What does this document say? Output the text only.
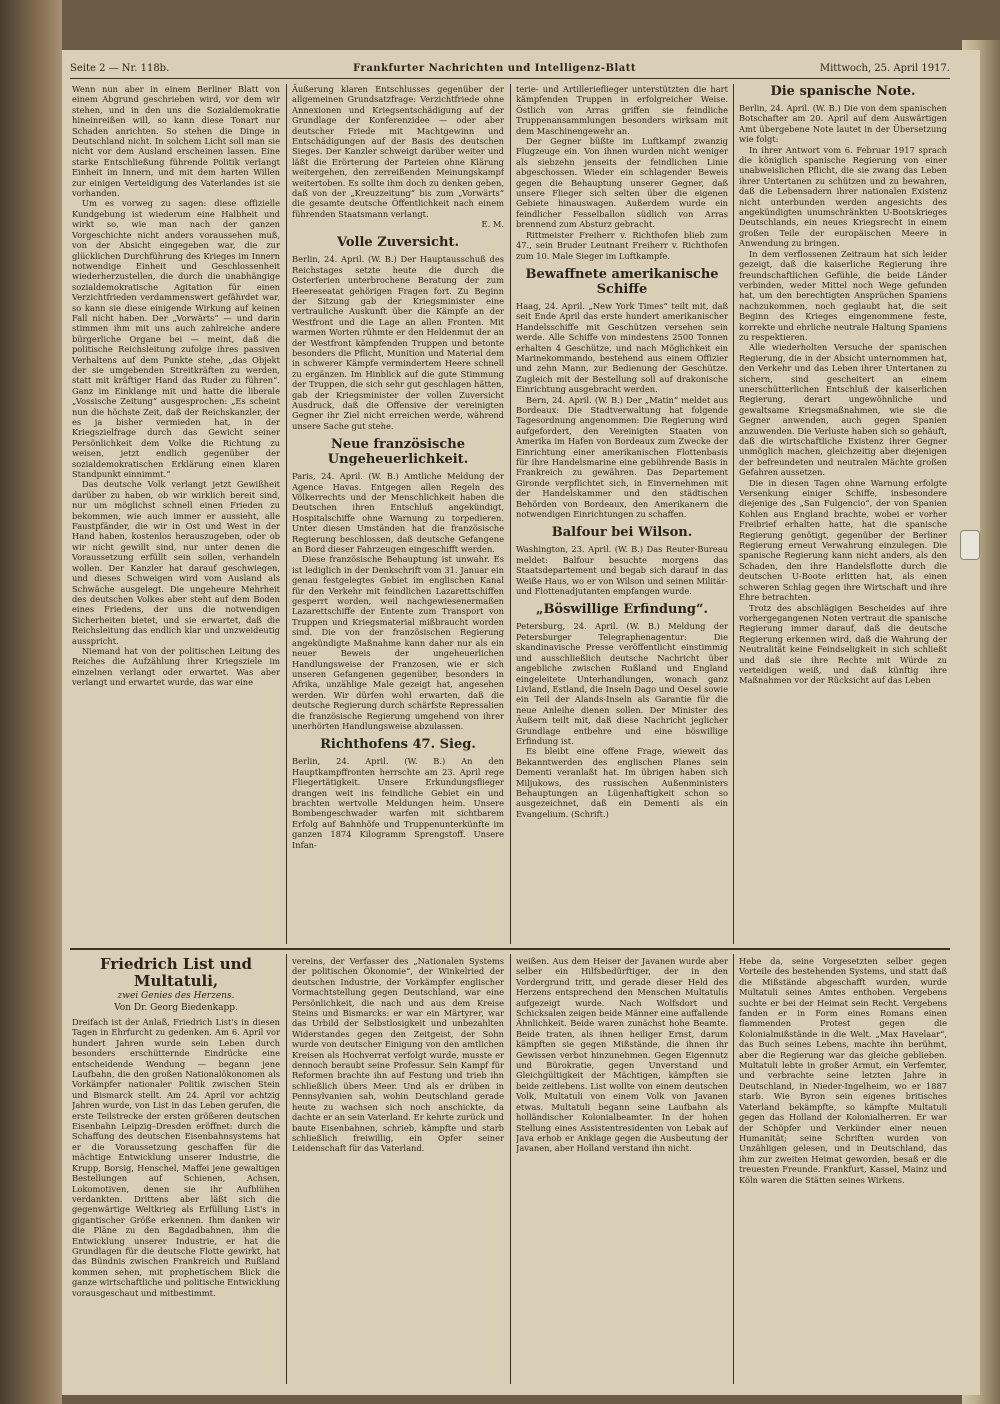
Seite 2 — Nr. 118b.	Frankfurter Nachrichten und Intelligenz-Blatt	Mittwoch, 25. April 1917.

Wenn nun aber in einem Berliner Blatt von einem Abgrund geschrieben wird, vor dem wir stehen, und in den uns die Sozialdemokratie hineinreißen will, so kann diese Tonart nur Schaden anrichten. So stehen die Dinge in Deutschland nicht. In solchem Licht soll man sie nicht vor dem Ausland erscheinen lassen. Eine starke Entschließung führende Politik verlangt Einheit im Innern, und mit dem harten Willen zur einigen Verteidigung des Vaterlandes ist sie vorhanden.

Um es vorweg zu sagen: diese offizielle Kundgebung ist wiederum eine Halbheit und wirkt so, wie man nach der ganzen Vorgeschichte nicht anders voraussehen muß, von der Absicht eingegeben war, die zur glücklichen Durchführung des Krieges im Innern notwendige Einheit und Geschlossenheit wiederherzustellen, die durch die unabhängige sozialdemokratische Agitation für einen Verzichtfrieden verdammenswert gefährdet war, so kann sie diese einigende Wirkung auf keinen Fall nicht haben. Der „Vorwärts“ — und darin stimmen ihm mit uns auch zahlreiche andere bürgerliche Organe bei — meint, daß die politische Reichsleitung zufolge ihres passiven Verhaltens auf dem Punkte stehe, „das Objekt der sie umgebenden Streitkräften zu werden, statt mit kräftiger Hand das Ruder zu führen“. Ganz im Einklange mit und hatte die liberale „Vossische Zeitung“ ausgesprochen: „Es scheint nun die höchste Zeit, daß der Reichskanzler, der es ja bisher vermieden hat, in der Kriegszielfrage durch das Gewicht seiner Persönlichkeit dem Volke die Richtung zu weisen, jetzt endlich gegenüber der sozialdemokratischen Erklärung einen klaren Standpunkt einnimmt.“

Das deutsche Volk verlangt jetzt Gewißheit darüber zu haben, ob wir wirklich bereit sind, nur um möglichst schnell einen Frieden zu bekommen, wie auch immer er aussieht, alle Faustpfänder, die wir in Ost und West in der Hand haben, kostenlos herauszugeben, oder ob wir nicht gewillt sind, nur unter denen die Voraussetzung erfüllt sein sollen, verhandeln wollen. Der Kanzler hat darauf geschwiegen, und dieses Schweigen wird vom Ausland als Schwäche ausgelegt. Die ungeheure Mehrheit des deutschen Volkes aber steht auf dem Boden eines Friedens, der uns die notwendigen Sicherheiten bietet, und sie erwartet, daß die Reichsleitung das endlich klar und unzweideutig ausspricht.

Niemand hat von der politischen Leitung des Reiches die Aufzählung ihrer Kriegsziele im einzelnen verlangt oder erwartet. Was aber verlangt und erwartet wurde, das war eine

Äußerung klaren Entschlusses gegenüber der allgemeinen Grundsatzfrage: Verzichtfriede ohne Annexionen und Kriegsentschädigung auf der Grundlage der Konferenzidee — oder aber deutscher Friede mit Machtgewinn und Entschädigungen auf der Basis des deutschen Sieges. Der Kanzler schweigt darüber weiter und läßt die Erörterung der Parteien ohne Klärung weitergehen, den zerreißenden Meinungskampf weitertoben. Es sollte ihm doch zu denken geben, daß von der „Kreuzzeitung“ bis zum „Vorwärts“ die gesamte deutsche Öffentlichkeit nach einem führenden Staatsmann verlangt.

E. M.

Volle Zuversicht.

Berlin, 24. April. (W. B.) Der Hauptausschuß des Reichstages setzte heute die durch die Osterferien unterbrochene Beratung der zum Heereseatat gehörigen Fragen fort. Zu Beginn der Sitzung gab der Kriegsminister eine vertrauliche Auskunft über die Kämpfe an der Westfront und die Lage an allen Fronten. Mit warmen Worten rühmte er den Heldenmut der an der Westfront kämpfenden Truppen und betonte besonders die Pflicht, Munition und Material dem in schwerer Kämpfe vermindertem Heere schnell zu ergänzen. Im Hinblick auf die gute Stimmung der Truppen, die sich sehr gut geschlagen hätten, gab der Kriegsminister der vollen Zuversicht Ausdruck, daß die Offensive der vereinigten Gegner ihr Ziel nicht erreichen werde, während unsere Sache gut stehe.

Neue französische Ungeheuerlichkeit.

Paris, 24. April. (W. B.) Amtliche Meldung der Agence Havas. Entgegen allen Regeln des Völkerrechts und der Menschlichkeit haben die Deutschen ihren Entschluß angekündigt, Hospitalschiffe ohne Warnung zu torpedieren. Unter diesen Umständen hat die französische Regierung beschlossen, daß deutsche Gefangene an Bord dieser Fahrzeugen eingeschifft werden.

Diese französische Behauptung ist unwahr. Es ist lediglich in der Denkschrift vom 31. Januar ein genau festgelegtes Gebiet im englischen Kanal für den Verkehr mit feindlichen Lazarettschiffen gesperrt worden, weil nachgewiesenermaßen Lazarettschiffe der Entente zum Transport von Truppen und Kriegsmaterial mißbraucht worden sind. Die von der französischen Regierung angekündigte Maßnahme kann daher nur als ein neuer Beweis der ungeheuerlichen Handlungsweise der Franzosen, wie er sich unseren Gefangenen gegenüber, besonders in Afrika, unzählige Male gezeigt hat, angesehen werden. Wir dürfen wohl erwarten, daß die deutsche Regierung durch schärfste Repressalien die französische Regierung umgehend von ihrer unerhörten Handlungsweise abzulassen.

Richthofens 47. Sieg.

Berlin, 24. April. (W. B.) An den Hauptkampffronten herrschte am 23. April rege Fliegertätigkeit. Unsere Erkundungsflieger drangen weit ins feindliche Gebiet ein und brachten wertvolle Meldungen heim. Unsere Bombengeschwader warfen mit sichtbarem Erfolg auf Bahnhöfe und Truppenunterkünfte im ganzen 1874 Kilogramm Sprengstoff. Unsere Infan-

terie- und Artillerieflieger unterstützten die hart kämpfenden Truppen in erfolgreicher Weise. Östlich von Arras griffen sie feindliche Truppenansammlungen besonders wirksam mit dem Maschinengewehr an.

Der Gegner büßte im Luftkampf zwanzig Flugzeuge ein. Von ihnen wurden nicht weniger als siebzehn jenseits der feindlichen Linie abgeschossen. Wieder ein schlagender Beweis gegen die Behauptung unserer Gegner, daß unsere Flieger sich selten über die eigenen Gebiete hinauswagen. Außerdem wurde ein feindlicher Fesselballon südlich von Arras brennend zum Absturz gebracht.

Rittmeister Freiherr v. Richthofen blieb zum 47., sein Bruder Leutnant Freiherr v. Richthofen zum 10. Male Sieger im Luftkampfe.

Bewaffnete amerikanische Schiffe

Haag, 24. April. „New York Times“ teilt mit, daß seit Ende April das erste hundert amerikanischer Handelsschiffe mit Geschützen versehen sein werde. Alle Schiffe von mindestens 2500 Tonnen erhalten 4 Geschütze, und nach Möglichkeit ein Marinekommando, bestehend aus einem Offizier und zehn Mann, zur Bedienung der Geschütze. Zugleich mit der Bestellung soll auf drakonische Einrichtung ausgebracht werden.

Bern, 24. April. (W. B.) Der „Matin“ meldet aus Bordeaux: Die Stadtverwaltung hat folgende Tagesordnung angenommen: Die Regierung wird aufgefordert, den Vereinigten Staaten von Amerika im Hafen von Bordeaux zum Zwecke der Einrichtung einer amerikanischen Flottenbasis für ihre Handelsmarine eine gebührende Basis in Frankreich zu gewähren. Das Departement Gironde verpflichtet sich, in Einvernehmen mit der Handelskammer und den städtischen Behörden von Bordeaux, den Amerikanern die notwendigen Einrichtungen zu schaffen.

Balfour bei Wilson.

Washington, 23. April. (W. B.) Das Reuter-Bureau meldet: Balfour besuchte morgens das Staatsdepartement und begab sich darauf in das Weiße Haus, wo er von Wilson und seinen Militär- und Flottenadjutanten empfangen wurde.

„Böswillige Erfindung“.

Petersburg, 24. April. (W. B.) Meldung der Petersburger Telegraphenagentur: Die skandinavische Presse veröffentlicht einstimmig und ausschließlich deutsche Nachricht über angebliche zwischen Rußland und England eingeleitete Unterhandlungen, wonach ganz Livland, Estland, die Inseln Dago und Oesel sowie ein Teil der Alands-Inseln als Garantie für die neue Anleihe dienen sollen. Der Minister des Äußern teilt mit, daß diese Nachricht jeglicher Grundlage entbehre und eine böswillige Erfindung ist.

Es bleibt eine offene Frage, wieweit das Bekanntwerden des englischen Planes sein Dementi veranlaßt hat. Im übrigen haben sich Miljukows, des russischen Außenministers Behauptungen an Lügenhaftigkeit schon so ausgezeichnet, daß ein Dementi als ein Evangelium. (Schrift.)

Die spanische Note.

Berlin, 24. April. (W. B.) Die von dem spanischen Botschafter am 20. April auf dem Auswärtigen Amt übergebene Note lautet in der Übersetzung wie folgt:

In ihrer Antwort vom 6. Februar 1917 sprach die königlich spanische Regierung von einer unabweislichen Pflicht, die sie zwang das Leben ihrer Untertanen zu schützen und zu bewahren, daß die Lebensadern ihrer nationalen Existenz nicht unterbunden werden angesichts des angekündigten unumschränkten U-Bootskrieges Deutschlands, ein neues Kriegsrecht in einem großen Teile der europäischen Meere in Anwendung zu bringen.

In dem verflossenen Zeitraum hat sich leider gezeigt, daß die kaiserliche Regierung ihre freundschaftlichen Gefühle, die beide Länder verbinden, weder Mittel noch Wege gefunden hat, um den berechtigten Ansprüchen Spaniens nachzukommen, noch geglaubt hat, die seit Beginn des Krieges eingenommene feste, korrekte und ehrliche neutrale Haltung Spaniens zu respektieren.

Alle wiederholten Versuche der spanischen Regierung, die in der Absicht unternommen hat, den Verkehr und das Leben ihrer Untertanen zu sichern, sind gescheitert an einem unerschütterlichen Entschluß der kaiserlichen Regierung, derart ungewöhnliche und gewaltsame Kriegsmaßnahmen, wie sie die Gegner anwenden, auch gegen Spanien anzuwenden. Die Verluste haben sich so gehäuft, daß die wirtschaftliche Existenz ihrer Gegner unmöglich machen, gleichzeitig aber diejenigen der befreundeten und neutralen Mächte großen Gefahren aussetzen.

Die in diesen Tagen ohne Warnung erfolgte Versenkung einiger Schiffe, insbesondere diejenige des „San Fulgencio“, der von Spanien Kohlen aus England brachte, wobei er vorher Freibrief erhalten hatte, hat die spanische Regierung genötigt, gegenüber der Berliner Regierung erneut Verwahrung einzulegen. Die spanische Regierung kann nicht anders, als den Schaden, den ihre Handelsflotte durch die deutschen U-Boote erlitten hat, als einen schweren Schlag gegen ihre Wirtschaft und ihre Ehre betrachten.

Trotz des abschlägigen Bescheides auf ihre vorhergegangenen Noten vertraut die spanische Regierung immer darauf, daß die deutsche Regierung erkennen wird, daß die Wahrung der Neutralität keine Feindseligkeit in sich schließt und daß sie ihre Rechte mit Würde zu verteidigen weiß, und daß künftig ihre Maßnahmen vor der Rücksicht auf das Leben

Friedrich List und Multatuli,
zwei Genies des Herzens.
Von Dr. Georg Biedenkapp.

Dreifach ist der Anlaß, Friedrich List's in diesen Tagen in Ehrfurcht zu gedenken. Am 6. April vor hundert Jahren wurde sein Leben durch besonders erschütternde Eindrücke eine entscheidende Wendung — begann jene Laufbahn, die den großen Nationalökonomen als Vorkämpfer nationaler Politik zwischen Stein und Bismarck stellt. Am 24. April vor achtzig Jahren wurde, von List in das Leben gerufen, die erste Teilstrecke der ersten größeren deutschen Eisenbahn Leipzig–Dresden eröffnet: durch die Schaffung des deutschen Eisenbahnsystems hat er die Voraussetzung geschaffen für die mächtige Entwicklung unserer Industrie, die Krupp, Borsig, Henschel, Maffei jene gewaltigen Bestellungen auf Schienen, Achsen, Lokomotiven, denen sie ihr Aufblühen verdankten. Drittens aber läßt sich die gegenwärtige Weltkrieg als Erfüllung List's in gigantischer Größe erkennen. Ihm danken wir die Pläne zu den Bagdadbahnen, ihm die Entwicklung unserer Industrie, er hat die Grundlagen für die deutsche Flotte gewirkt, hat das Bündnis zwischen Frankreich und Rußland kommen sehen, mit prophetischem Blick die ganze wirtschaftliche und politische Entwicklung vorausgeschaut und mitbestimmt.

vereins, der Verfasser des „Nationalen Systems der politischen Ökonomie“, der Winkelried der deutschen Industrie, der Vorkämpfer englischer Vormachtstellung gegen Deutschland, war eine Persönlichkeit, die nach und aus dem Kreise Steins und Bismarcks: er war ein Märtyrer, war das Urbild der Selbstlosigkeit und unbezahlten Widerstandes gegen den Zeitgeist, der Sohn wurde von deutscher Einigung von den amtlichen Kreisen als Hochverrat verfolgt wurde, musste er dennoch beraubt seine Professur. Sein Kampf für Reformen brachte ihn auf Festung und trieb ihn schließlich übers Meer. Und als er drüben in Pennsylvanien sah, wohin Deutschland gerade heute zu wachsen sich noch anschickte, da dachte er an sein Vaterland. Er kehrte zurück und baute Eisenbahnen, schrieb, kämpfte und starb schließlich freiwillig, ein Opfer seiner Leidenschaft für das Vaterland.

weißen. Aus dem Heiser der Javanen wurde aber selber ein Hilfsbedürftiger, der in den Vordergrund tritt, und gerade dieser Held des Herzens entsprechend den Menschen Multatulis aufgezeigt wurde. Nach Wolfsdort und Schicksalen zeigen beide Männer eine auffallende Ähnlichkeit. Beide waren zunächst hohe Beamte. Beide traten, als ihnen heiliger Ernst, darum kämpften sie gegen Mißstände, die ihnen ihr Gewissen verbot hinzunehmen. Gegen Eigennutz und Bürokratie, gegen Unverstand und Gleichgültigkeit der Mächtigen, kämpften sie beide zeitlebens. List wollte von einem deutschen Volk, Multatuli von einem Volk von Javanen etwas. Multatuli begann seine Laufbahn als holländischer Kolonialbeamter. In der hohen Stellung eines Assistentresidenten von Lebak auf Java erhob er Anklage gegen die Ausbeutung der Javanen, aber Holland verstand ihn nicht.

Hebe da, seine Vorgesetzten selber gegen Vorteile des bestehenden Systems, und statt daß die Mißstände abgeschafft wurden, wurde Multatuli seines Amtes enthoben. Vergebens suchte er bei der Heimat sein Recht. Vergebens fanden er in Form eines Romans einen flammenden Protest gegen die Kolonialmißstände in die Welt. „Max Havelaar“, das Buch seines Lebens, machte ihn berühmt, aber die Regierung war das gleiche geblieben. Multatuli lebte in großer Armut, ein Verfemter, und verbrachte seine letzten Jahre in Deutschland, in Nieder-Ingelheim, wo er 1887 starb. Wie Byron sein eigenes britisches Vaterland bekämpfte, so kämpfte Multatuli gegen das Holland der Kolonialherren. Er war der Schöpfer und Verkünder einer neuen Humanität; seine Schriften wurden von Unzähligen gelesen, und in Deutschland, das ihm zur zweiten Heimat geworden, besaß er die treuesten Freunde. Frankfurt, Kassel, Mainz und Köln waren die Stätten seines Wirkens.
